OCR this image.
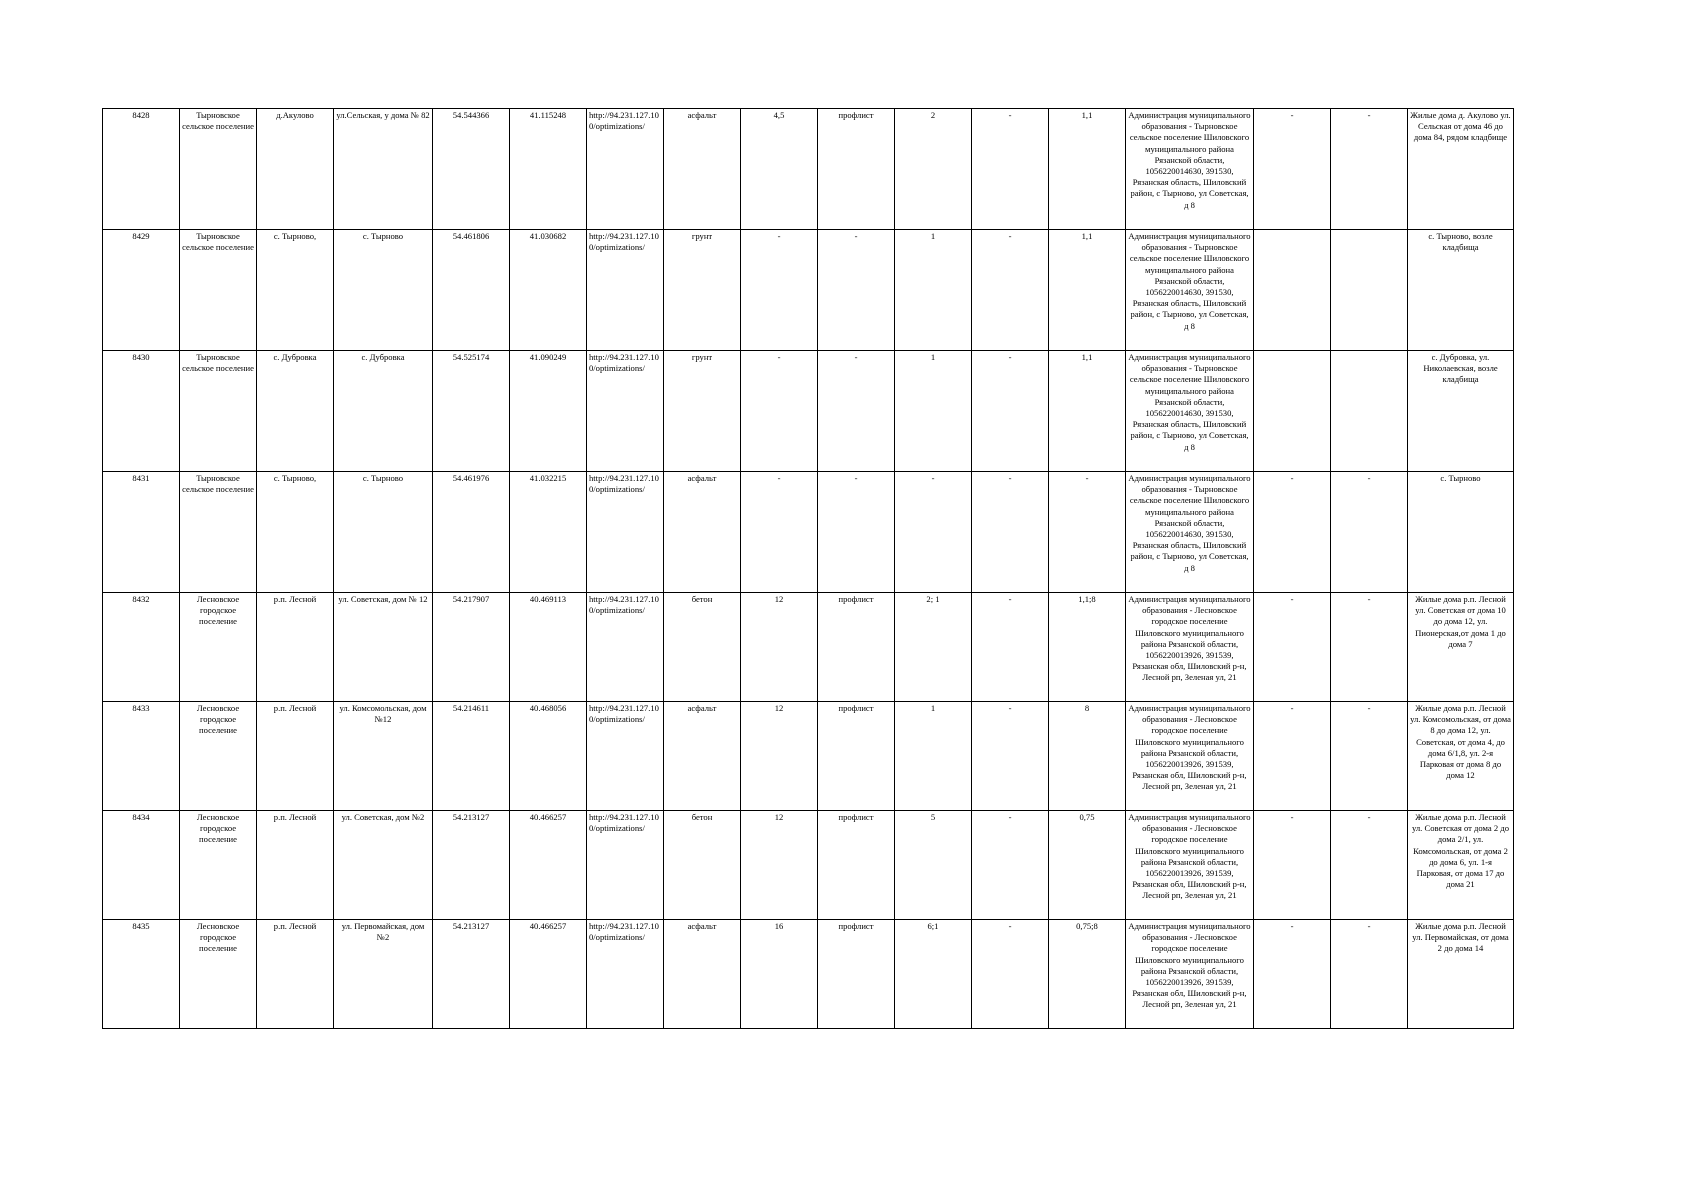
8428	Тырновское сельское поселение	д.Акулово	ул.Сельская, у дома № 82	54.544366	41.115248	http://94.231.127.100/optimizations/	асфальт	4,5	профлист	2	-	1,1	Администрация муниципального образования - Тырновское сельское поселение Шиловского муниципального района Рязанской области, 1056220014630, 391530, Рязанская область, Шиловский район, с Тырново, ул Советская, д 8	-	-	Жилые дома д. Акулово ул. Сельская от дома 46 до дома 84, рядом кладбище
8429	Тырновское сельское поселение	с. Тырново,	с. Тырново	54.461806	41.030682	http://94.231.127.100/optimizations/	грунт	-	-	1	-	1,1	Администрация муниципального образования - Тырновское сельское поселение Шиловского муниципального района Рязанской области, 1056220014630, 391530, Рязанская область, Шиловский район, с Тырново, ул Советская, д 8			с. Тырново, возле кладбища
8430	Тырновское сельское поселение	с. Дубровка	с. Дубровка	54.525174	41.090249	http://94.231.127.100/optimizations/	грунт	-	-	1	-	1,1	Администрация муниципального образования - Тырновское сельское поселение Шиловского муниципального района Рязанской области, 1056220014630, 391530, Рязанская область, Шиловский район, с Тырново, ул Советская, д 8			с. Дубровка, ул. Николаевская, возле кладбища
8431	Тырновское сельское поселение	с. Тырново,	с. Тырново	54.461976	41.032215	http://94.231.127.100/optimizations/	асфальт	-	-	-	-	-	Администрация муниципального образования - Тырновское сельское поселение Шиловского муниципального района Рязанской области, 1056220014630, 391530, Рязанская область, Шиловский район, с Тырново, ул Советская, д 8	-	-	с. Тырново
8432	Лесновское городское поселение	р.п. Лесной	ул. Советская, дом № 12	54.217907	40.469113	http://94.231.127.100/optimizations/	бетон	12	профлист	2; 1	-	1,1;8	Администрация муниципального образования - Лесновское городское поселение Шиловского муниципального района Рязанской области, 1056220013926, 391539, Рязанская обл, Шиловский р-н, Лесной рп, Зеленая ул, 21	-	-	Жилые дома р.п. Лесной ул. Советская от дома 10 до дома 12, ул. Пионерская,от дома 1 до дома 7
8433	Лесновское городское поселение	р.п. Лесной	ул. Комсомольская, дом №12	54.214611	40.468056	http://94.231.127.100/optimizations/	асфальт	12	профлист	1	-	8	Администрация муниципального образования - Лесновское городское поселение Шиловского муниципального района Рязанской области, 1056220013926, 391539, Рязанская обл, Шиловский р-н, Лесной рп, Зеленая ул, 21	-	-	Жилые дома р.п. Лесной ул. Комсомольская, от дома 8 до дома 12, ул. Советская, от дома 4, до дома 6/1,8, ул. 2-я Парковая от дома 8 до дома 12
8434	Лесновское городское поселение	р.п. Лесной	ул. Советская, дом №2	54.213127	40.466257	http://94.231.127.100/optimizations/	бетон	12	профлист	5	-	0,75	Администрация муниципального образования - Лесновское городское поселение Шиловского муниципального района Рязанской области, 1056220013926, 391539, Рязанская обл, Шиловский р-н, Лесной рп, Зеленая ул, 21	-	-	Жилые дома р.п. Лесной ул. Советская от дома 2 до дома 2/1, ул. Комсомольская, от дома 2 до дома 6, ул. 1-я Парковая, от дома 17 до дома 21
8435	Лесновское городское поселение	р.п. Лесной	ул. Первомайская, дом №2	54.213127	40.466257	http://94.231.127.100/optimizations/	асфальт	16	профлист	6;1	-	0,75;8	Администрация муниципального образования - Лесновское городское поселение Шиловского муниципального района Рязанской области, 1056220013926, 391539, Рязанская обл, Шиловский р-н, Лесной рп, Зеленая ул, 21	-	-	Жилые дома р.п. Лесной ул. Первомайская, от дома 2 до дома 14
